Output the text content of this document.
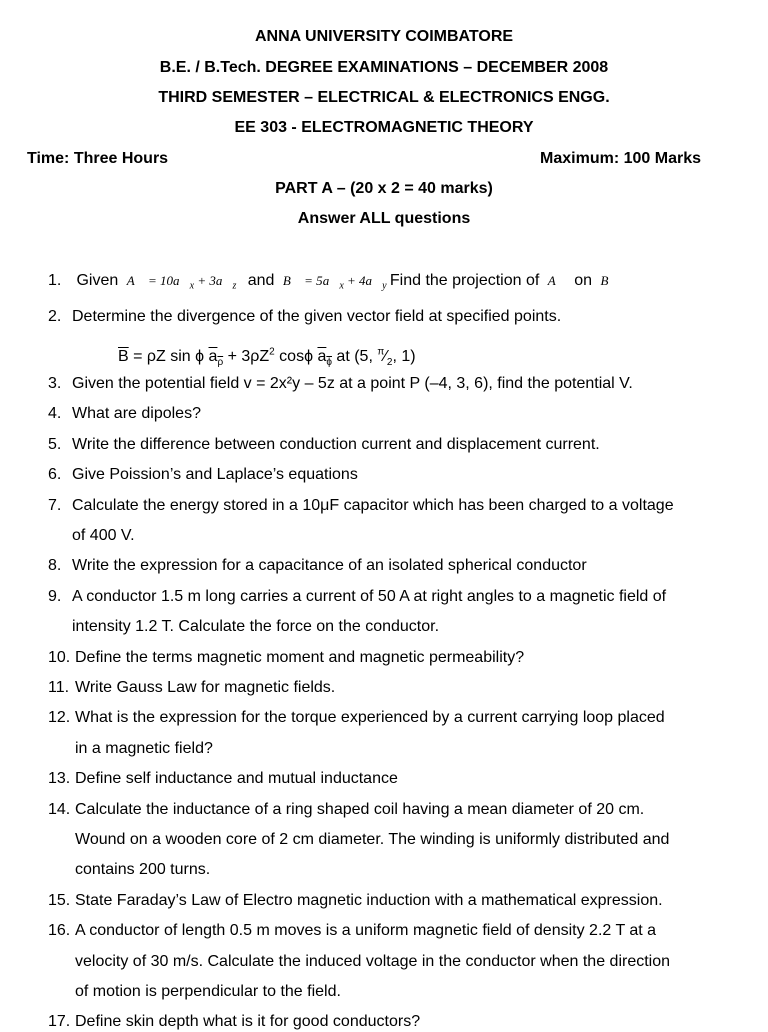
ANNA UNIVERSITY COIMBATORE
B.E. / B.Tech. DEGREE EXAMINATIONS – DECEMBER 2008
THIRD SEMESTER – ELECTRICAL & ELECTRONICS ENGG.
EE 303 - ELECTROMAGNETIC THEORY
Time: Three Hours	Maximum: 100 Marks
PART A – (20 x 2 = 40 marks)
Answer ALL questions
1. Given A⃗ = $10a⃗_x$ + $3a⃗_z$ and B⃗ = $5a⃗_x$ + $4a⃗_y$ Find the projection of A⃗ on B⃗
2. Determine the divergence of the given vector field at specified points.
$\overline{B} = \rho Z$ sin ϕ $a_\rho + 3\rho Z^2$ cosϕ $a_\phi$ at (5, $^\pi⁄_2$, 1)
3. Given the potential field v = 2x²y – 5z at a point P (–4, 3, 6), find the potential V.
4. What are dipoles?
5. Write the difference between conduction current and displacement current.
6. Give Poission’s and Laplace’s equations
7. Calculate the energy stored in a 10μF capacitor which has been charged to a voltage
of 400 V.
8. Write the expression for a capacitance of an isolated spherical conductor
9. A conductor 1.5 m long carries a current of 50 A at right angles to a magnetic field of
intensity 1.2 T. Calculate the force on the conductor.
10. Define the terms magnetic moment and magnetic permeability?
11. Write Gauss Law for magnetic fields.
12. What is the expression for the torque experienced by a current carrying loop placed
in a magnetic field?
13. Define self inductance and mutual inductance
14. Calculate the inductance of a ring shaped coil having a mean diameter of 20 cm.
Wound on a wooden core of 2 cm diameter. The winding is uniformly distributed and
contains 200 turns.
15. State Faraday’s Law of Electro magnetic induction with a mathematical expression.
16. A conductor of length 0.5 m moves is a uniform magnetic field of density 2.2 T at a
velocity of 30 m/s. Calculate the induced voltage in the conductor when the direction
of motion is perpendicular to the field.
17. Define skin depth what is it for good conductors?
